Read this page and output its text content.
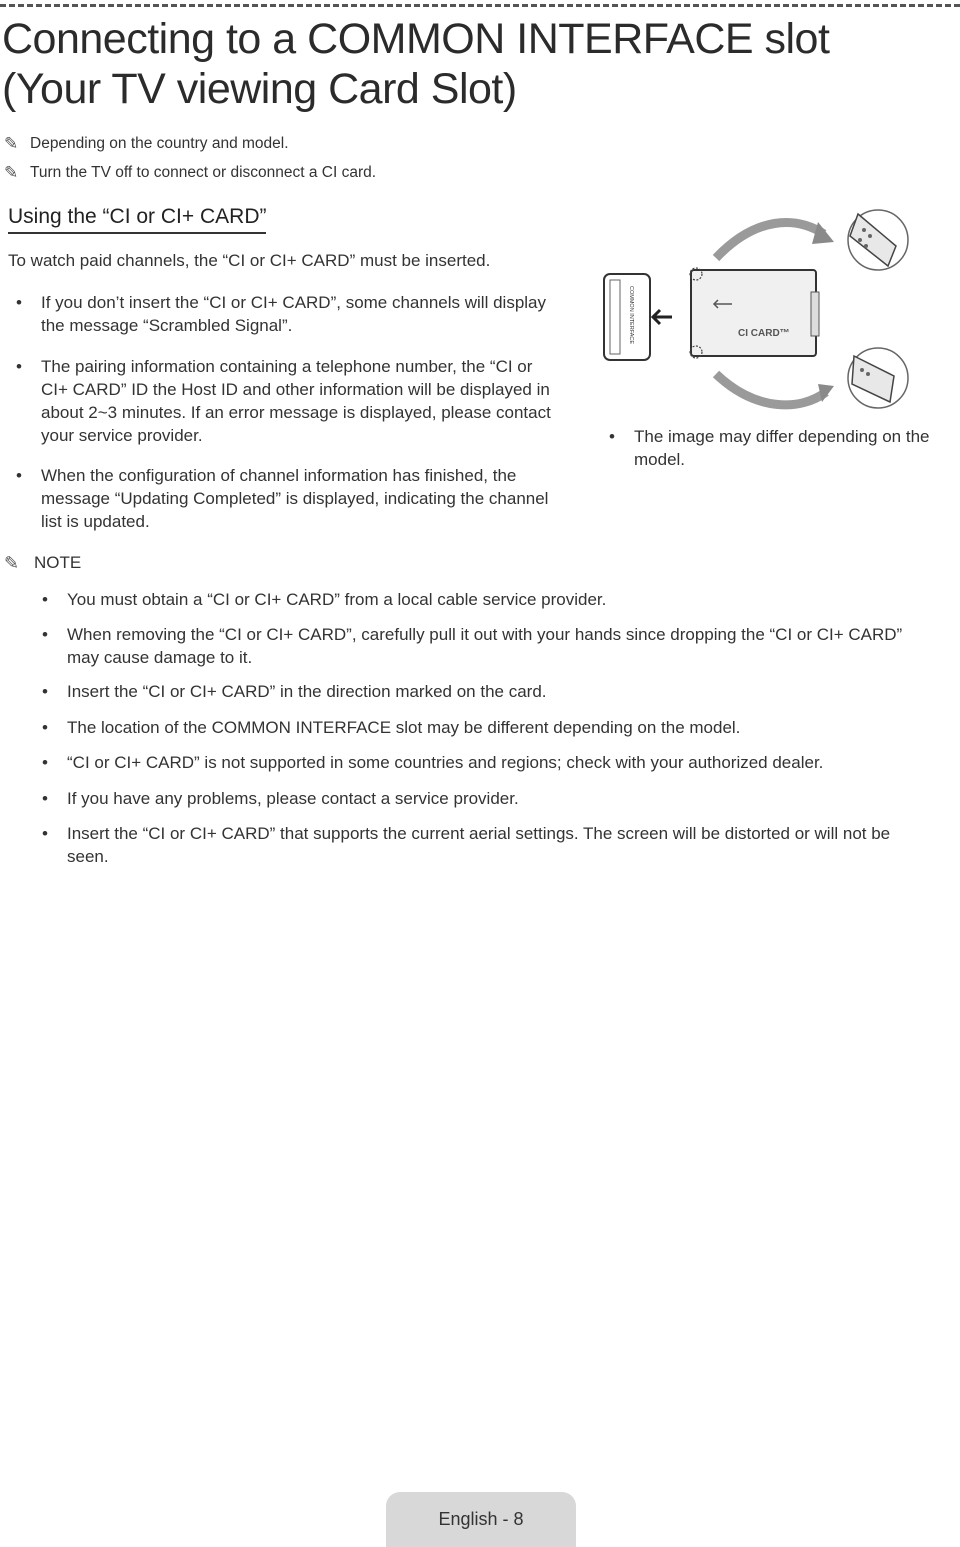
Connecting to a COMMON INTERFACE slot
(Your TV viewing Card Slot)
✎ Depending on the country and model.
✎ Turn the TV off to connect or disconnect a CI card.
Using the “CI or CI+ CARD”
To watch paid channels, the “CI or CI+ CARD” must be inserted.
• If you don’t insert the “CI or CI+ CARD”, some channels will display
the message “Scrambled Signal”.
• The pairing information containing a telephone number, the “CI or
CI+ CARD” ID the Host ID and other information will be displayed in
about 2~3 minutes. If an error message is displayed, please contact
your service provider.
• When the configuration of channel information has finished, the
message “Updating Completed” is displayed, indicating the channel
list is updated.
COMMON INTERFACE	CI CARD™
• The image may differ depending on the
model.
✎ NOTE
• You must obtain a “CI or CI+ CARD” from a local cable service provider.
• When removing the “CI or CI+ CARD”, carefully pull it out with your hands since dropping the “CI or CI+ CARD”
may cause damage to it.
• Insert the “CI or CI+ CARD” in the direction marked on the card.
• The location of the COMMON INTERFACE slot may be different depending on the model.
• “CI or CI+ CARD” is not supported in some countries and regions; check with your authorized dealer.
• If you have any problems, please contact a service provider.
• Insert the “CI or CI+ CARD” that supports the current aerial settings. The screen will be distorted or will not be
seen.
English - 8
